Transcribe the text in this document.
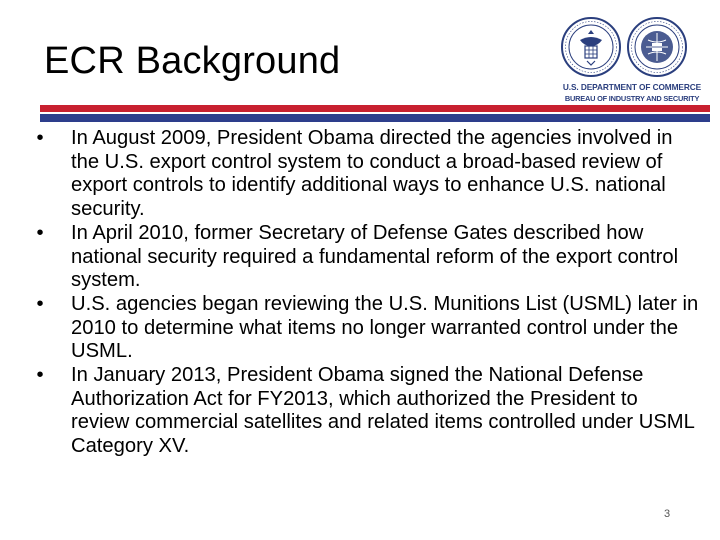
ECR Background
U.S. DEPARTMENT OF COMMERCE
BUREAU OF INDUSTRY AND SECURITY
•	In August 2009, President Obama directed the agencies involved in the U.S. export control system to conduct a broad-based review of export controls to identify additional ways to enhance U.S. national security.
•	In April 2010, former Secretary of Defense Gates described how national security required a fundamental reform of the export control system.
•	U.S. agencies began reviewing the U.S. Munitions List (USML) later in 2010 to determine what items no longer warranted control under the USML.
•	In January 2013, President Obama signed the National Defense Authorization Act for FY2013, which authorized the President to review commercial satellites and related items controlled under USML Category XV.
3
